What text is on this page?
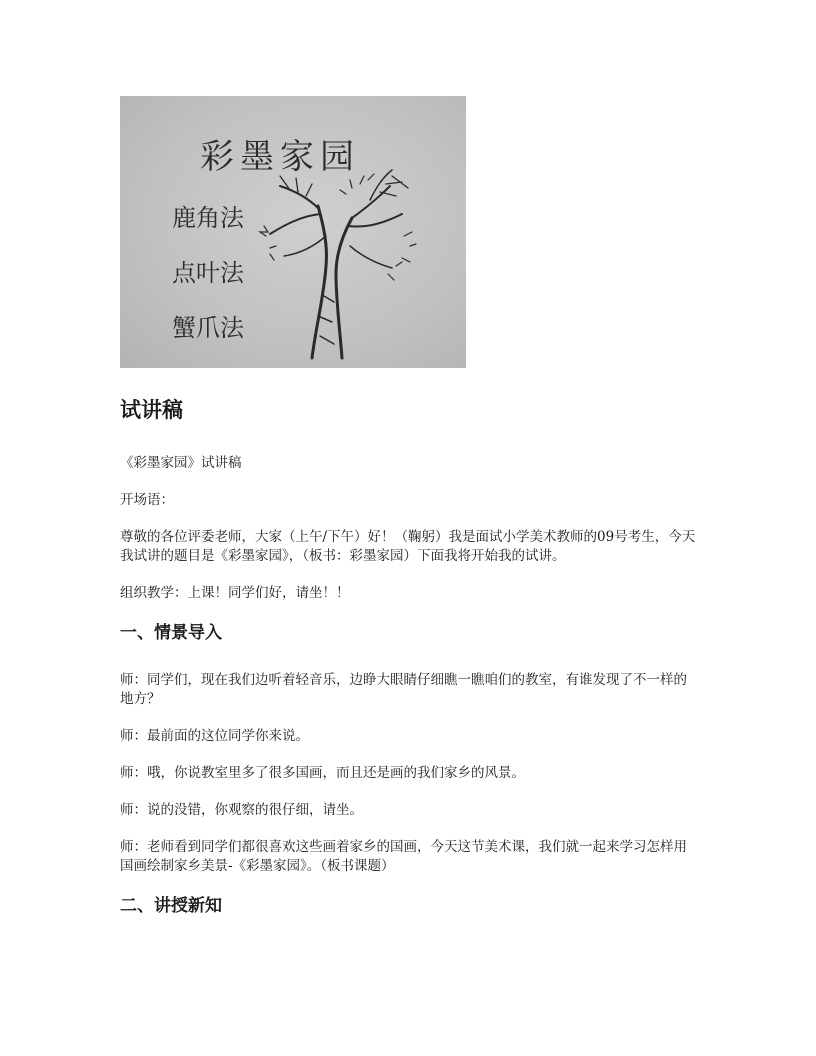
彩墨家园
鹿角法
点叶法
蟹爪法
试讲稿

《彩墨家园》试讲稿

开场语：

尊敬的各位评委老师，大家（上午/下午）好！（鞠躬）我是面试小学美术教师的09号考生，今天我试讲的题目是《彩墨家园》，（板书：彩墨家园）下面我将开始我的试讲。

组织教学：上课！同学们好，请坐！！

一、情景导入

师：同学们，现在我们边听着轻音乐，边睁大眼睛仔细瞧一瞧咱们的教室，有谁发现了不一样的地方？

师：最前面的这位同学你来说。

师：哦，你说教室里多了很多国画，而且还是画的我们家乡的风景。

师：说的没错，你观察的很仔细，请坐。

师：老师看到同学们都很喜欢这些画着家乡的国画，今天这节美术课，我们就一起来学习怎样用国画绘制家乡美景-《彩墨家园》。（板书课题）

二、讲授新知
